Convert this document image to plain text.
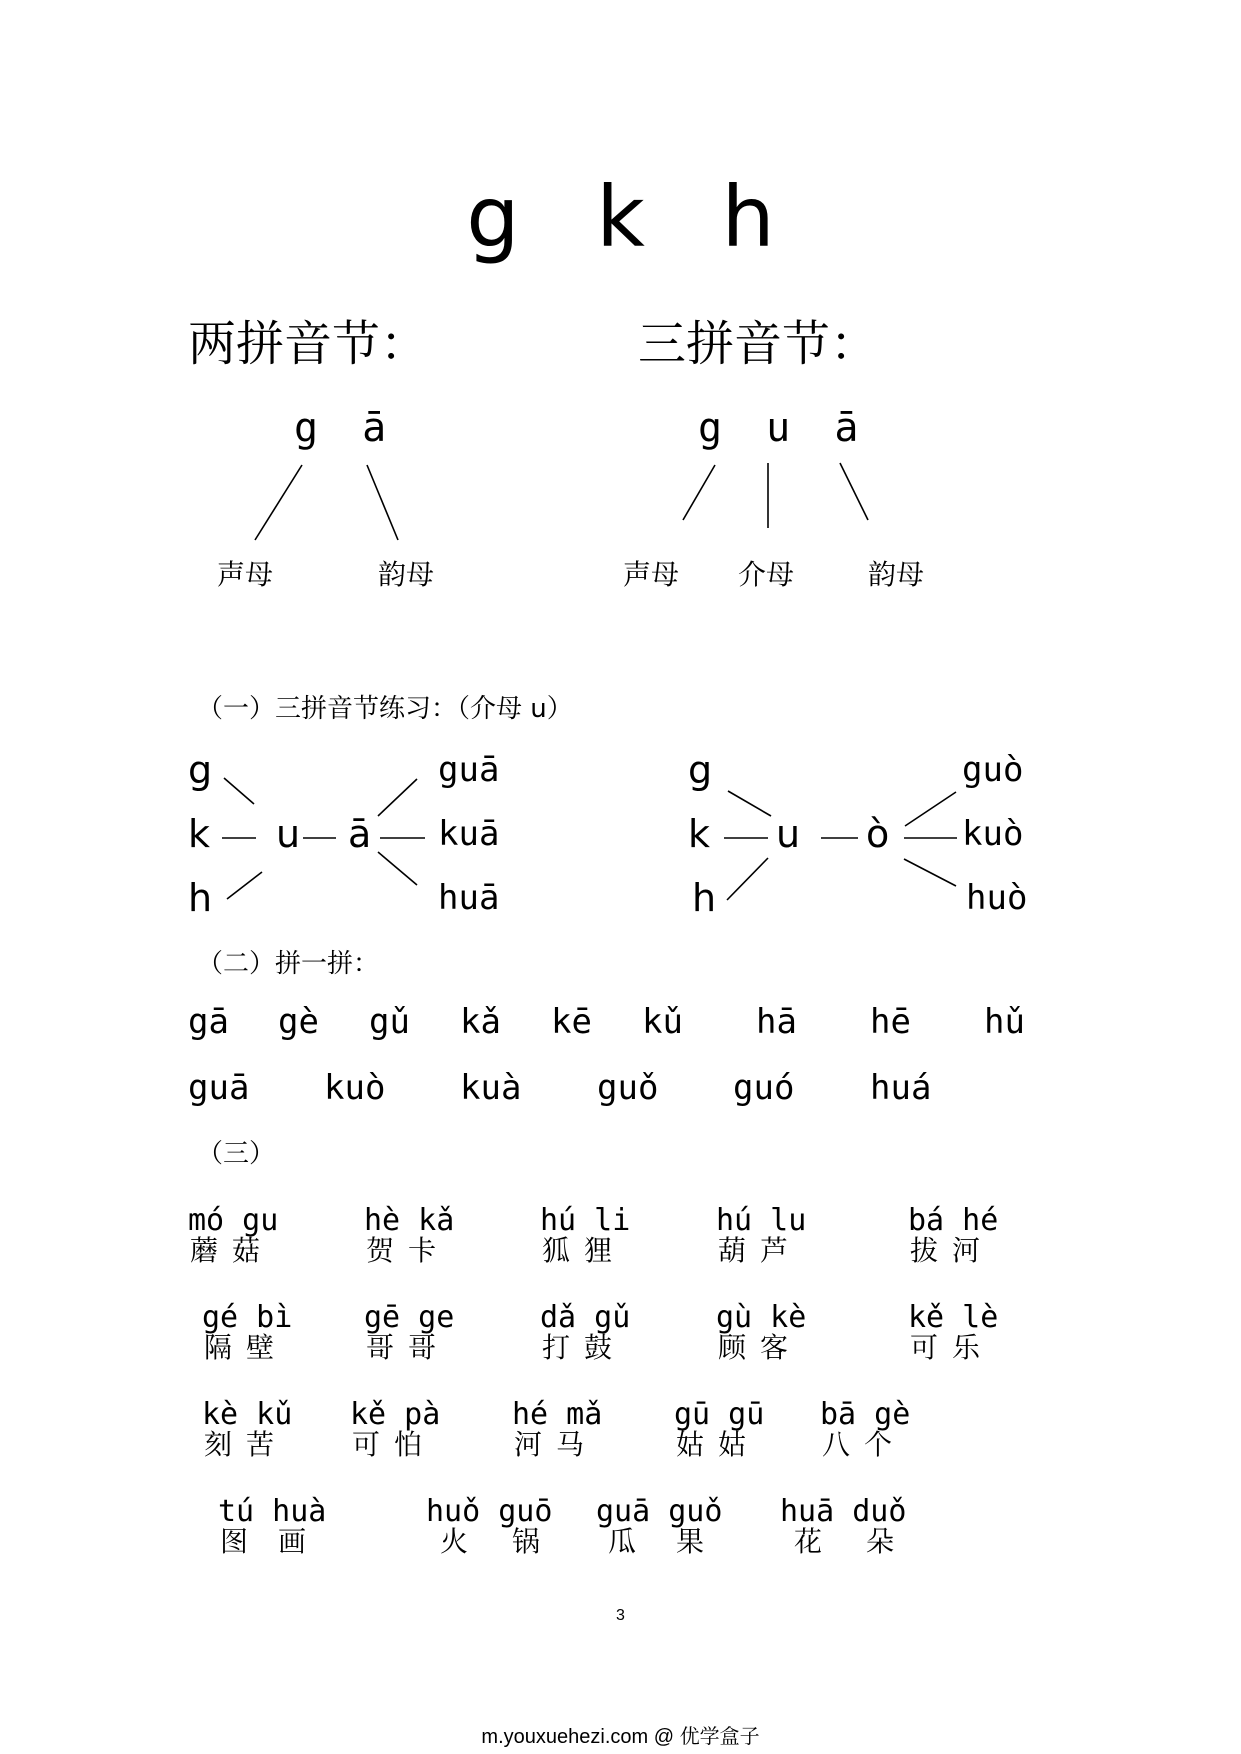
g k h
两拼音节：	三拼音节：
g ā
声母	韵母
g u ā
声母 介母	韵母
（一）三拼音节练习：（介母 u）
g
k
h
u ā
guā
kuā
huā
g
k
h
u ò
guò
kuò
huò
（二）拼一拼：
gā gè gǔ kǎ kē kǔ hā hē hǔ
guā kuò kuà guǒ guó huá
（三）
mó gu
蘑菇
hè kǎ
贺卡
hú li
狐狸
hú lu
葫芦
bá hé
拔河
gé bì
隔壁
gē ge
哥哥
dǎ gǔ
打鼓
gù kè
顾客
kě lè
可乐
kè kǔ
刻苦
kě pà
可怕
hé mǎ
河马
gū gū
姑姑
bā gè
八个
tú huà
图画
huǒ guō
火锅
guā guǒ
瓜果
huā duǒ
花朵
3
m.youxuehezi.com @ 优学盒子
